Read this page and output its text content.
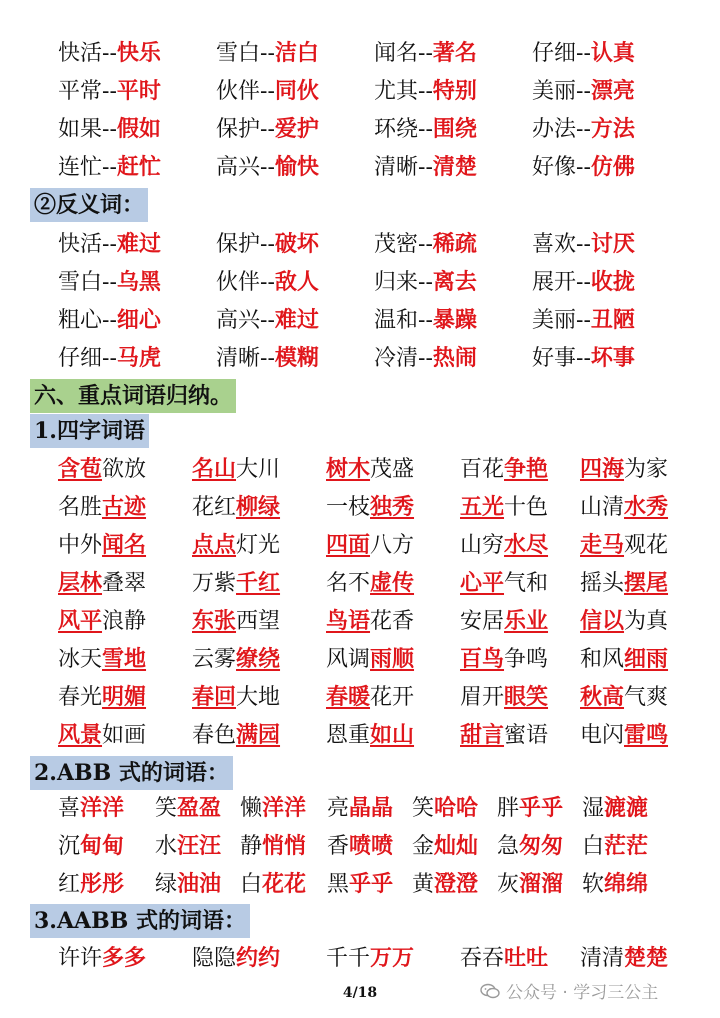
快活--快乐	雪白--洁白	闻名--著名	仔细--认真
平常--平时	伙伴--同伙	尤其--特别	美丽--漂亮
如果--假如	保护--爱护	环绕--围绕	办法--方法
连忙--赶忙	高兴--愉快	清晰--清楚	好像--仿佛
②反义词：
快活--难过	保护--破坏	茂密--稀疏	喜欢--讨厌
雪白--乌黑	伙伴--敌人	归来--离去	展开--收拢
粗心--细心	高兴--难过	温和--暴躁	美丽--丑陋
仔细--马虎	清晰--模糊	冷清--热闹	好事--坏事
六、重点词语归纳。
1.四字词语
含苞欲放 名山大川 树木茂盛 百花争艳 四海为家
名胜古迹 花红柳绿 一枝独秀 五光十色 山清水秀
中外闻名 点点灯光 四面八方 山穷水尽 走马观花
层林叠翠 万紫千红 名不虚传 心平气和 摇头摆尾
风平浪静 东张西望 鸟语花香 安居乐业 信以为真
冰天雪地 云雾缭绕 风调雨顺 百鸟争鸣 和风细雨
春光明媚 春回大地 春暖花开 眉开眼笑 秋高气爽
风景如画 春色满园 恩重如山 甜言蜜语 电闪雷鸣
2.ABB 式的词语：
喜洋洋 笑盈盈 懒洋洋 亮晶晶 笑哈哈 胖乎乎 湿漉漉
沉甸甸 水汪汪 静悄悄 香喷喷 金灿灿 急匆匆 白茫茫
红彤彤 绿油油 白花花 黑乎乎 黄澄澄 灰溜溜 软绵绵
3.AABB 式的词语：
许许多多 隐隐约约 千千万万 吞吞吐吐 清清楚楚
4/18	公众号 · 学习三公主
